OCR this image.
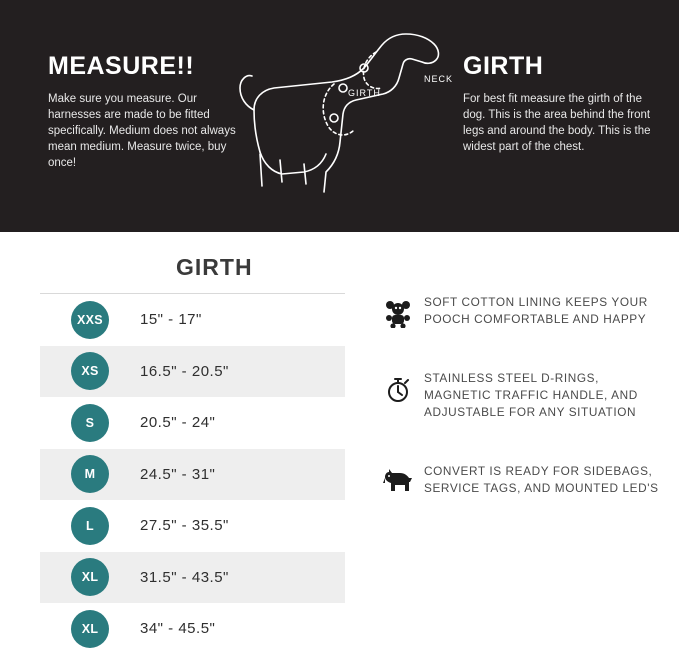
MEASURE!!

Make sure you measure. Our harnesses are made to be fitted specifically. Medium does not always mean medium. Measure twice, buy once!

GIRTH
NECK GIRTH

For best fit measure the girth of the dog. This is the area behind the front legs and around the body. This is the widest part of the chest.

GIRTH
XXS	15" - 17"
XS	16.5" - 20.5"
S	20.5" - 24"
M	24.5" - 31"
L	27.5" - 35.5"
XL	31.5" - 43.5"
XL	34" - 45.5"
SOFT COTTON LINING KEEPS YOUR POOCH COMFORTABLE AND HAPPY
STAINLESS STEEL D-RINGS, MAGNETIC TRAFFIC HANDLE, AND ADJUSTABLE FOR ANY SITUATION
CONVERT IS READY FOR SIDEBAGS, SERVICE TAGS, AND MOUNTED LED'S
